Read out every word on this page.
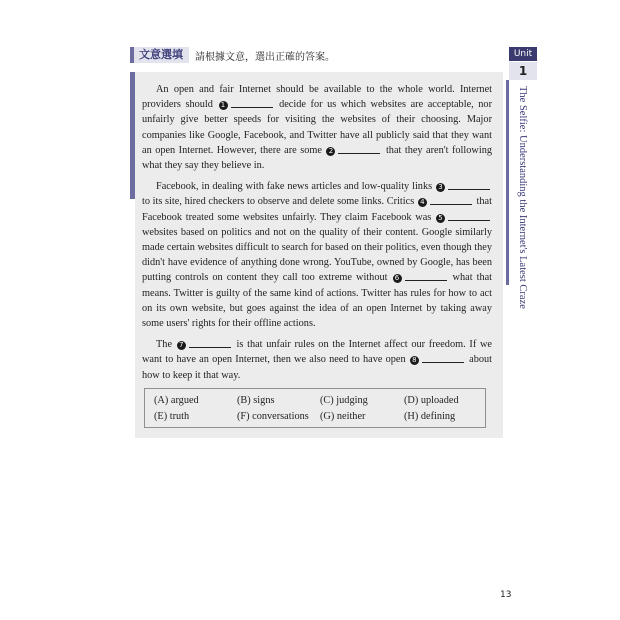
文意選填	請根據文意，選出正確的答案。

An open and fair Internet should be available to the whole world. Internet providers should 1	decide for us which websites are acceptable, nor unfairly give better speeds for visiting the websites of their choosing. Major companies like Google, Facebook, and Twitter have all publicly said that they want an open Internet. However, there are some 2	that they aren't following what they say they believe in.

Facebook, in dealing with fake news articles and low-quality links 3 to its site, hired checkers to observe and delete some links. Critics 4	that Facebook treated some websites unfairly. They claim Facebook was 5 websites based on politics and not on the quality of their content. Google similarly made certain websites difficult to search for based on their politics, even though they didn't have evidence of anything done wrong. YouTube, owned by Google, has been putting controls on content they call too extreme without 6	what that means. Twitter is guilty of the same kind of actions. Twitter has rules for how to act on its own website, but goes against the idea of an open Internet by taking away some users' rights for their offline actions.

The 7	is that unfair rules on the Internet affect our freedom. If we want to have an open Internet, then we also need to have open 8	about how to keep it that way.

(A) argued	(B) signs	(C) judging	(D) uploaded
(E) truth	(F) conversations (G) neither	(H) defining
Unit
1
The Selfie: Understanding the Internet's Latest Craze
13
